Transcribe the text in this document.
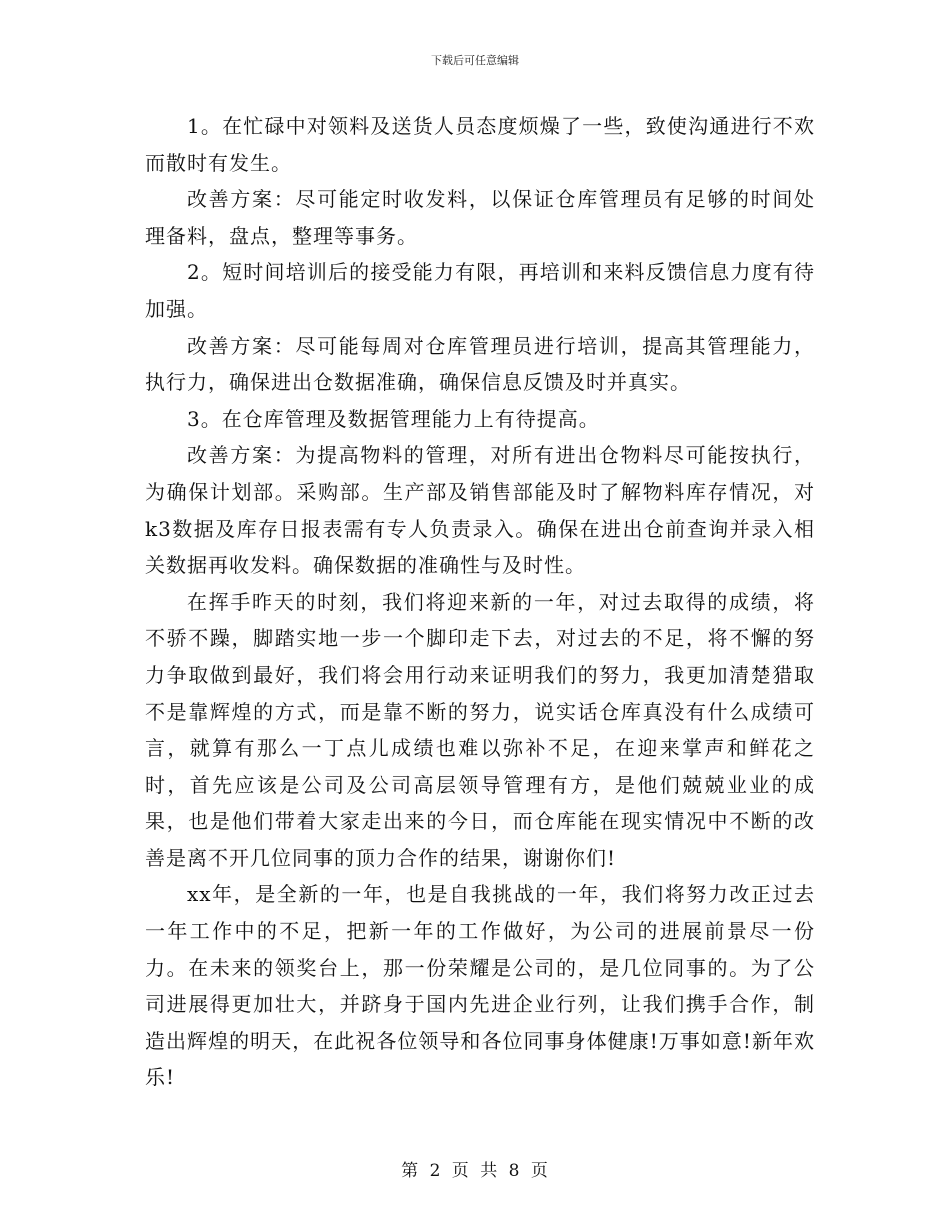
下载后可任意编辑

1。在忙碌中对领料及送货人员态度烦燥了一些，致使沟通进行不欢而散时有发生。

改善方案：尽可能定时收发料，以保证仓库管理员有足够的时间处理备料，盘点，整理等事务。

2。短时间培训后的接受能力有限，再培训和来料反馈信息力度有待加强。

改善方案：尽可能每周对仓库管理员进行培训，提高其管理能力，执行力，确保进出仓数据准确，确保信息反馈及时并真实。

3。在仓库管理及数据管理能力上有待提高。

改善方案：为提高物料的管理，对所有进出仓物料尽可能按执行，为确保计划部。采购部。生产部及销售部能及时了解物料库存情况，对k3数据及库存日报表需有专人负责录入。确保在进出仓前查询并录入相关数据再收发料。确保数据的准确性与及时性。

在挥手昨天的时刻，我们将迎来新的一年，对过去取得的成绩，将不骄不躁，脚踏实地一步一个脚印走下去，对过去的不足，将不懈的努力争取做到最好，我们将会用行动来证明我们的努力，我更加清楚猎取不是靠辉煌的方式，而是靠不断的努力，说实话仓库真没有什么成绩可言，就算有那么一丁点儿成绩也难以弥补不足，在迎来掌声和鲜花之时，首先应该是公司及公司高层领导管理有方，是他们兢兢业业的成果，也是他们带着大家走出来的今日，而仓库能在现实情况中不断的改善是离不开几位同事的顶力合作的结果，谢谢你们!

xx年，是全新的一年，也是自我挑战的一年，我们将努力改正过去一年工作中的不足，把新一年的工作做好，为公司的进展前景尽一份力。在未来的领奖台上，那一份荣耀是公司的，是几位同事的。为了公司进展得更加壮大，并跻身于国内先进企业行列，让我们携手合作，制造出辉煌的明天，在此祝各位领导和各位同事身体健康!万事如意!新年欢乐!

第 2 页 共 8 页
